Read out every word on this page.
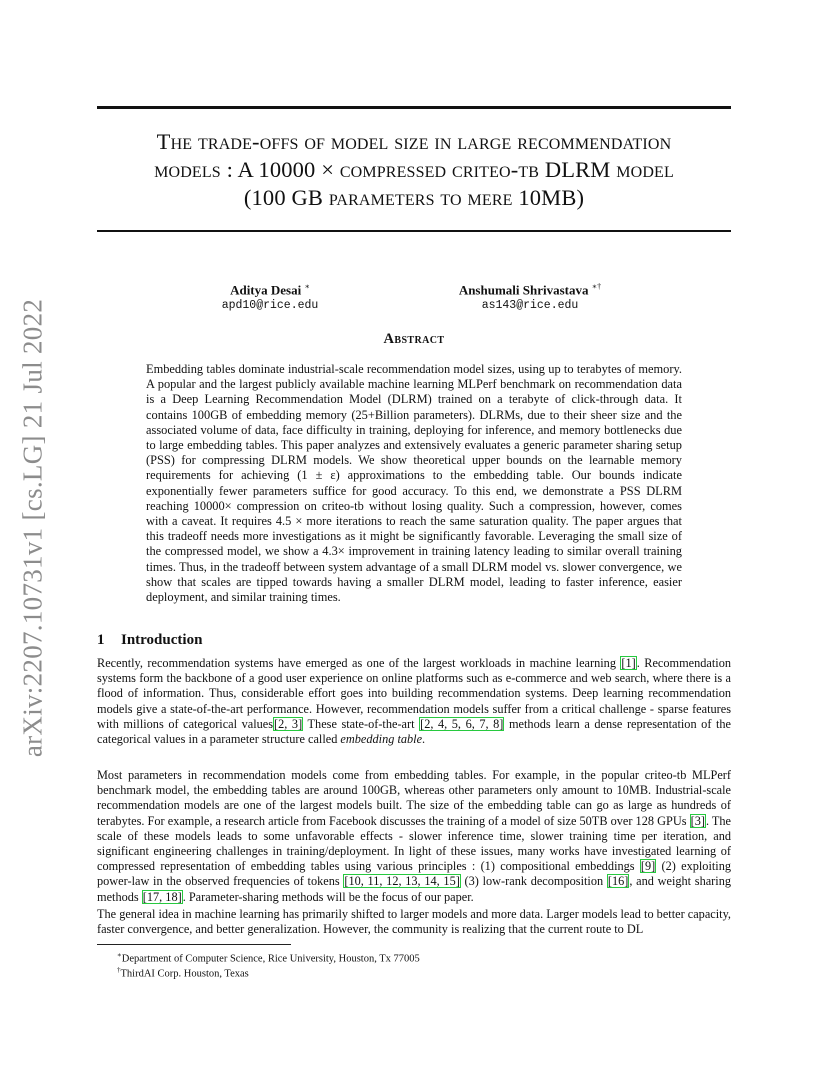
arXiv:2207.10731v1 [cs.LG] 21 Jul 2022
The trade-offs of model size in large recommendation
models : A 10000 × compressed criteo-tb DLRM model
(100 GB parameters to mere 10MB)
Aditya Desai ∗
apd10@rice.edu
Anshumali Shrivastava ∗†
as143@rice.edu
Abstract
Embedding tables dominate industrial-scale recommendation model sizes, using up to terabytes of memory. A popular and the largest publicly available machine learning MLPerf benchmark on recommendation data is a Deep Learning Recommendation Model (DLRM) trained on a terabyte of click-through data. It contains 100GB of embedding memory (25+Billion parameters). DLRMs, due to their sheer size and the associated volume of data, face difficulty in training, deploying for inference, and memory bottlenecks due to large embedding tables. This paper analyzes and extensively evaluates a generic parameter sharing setup (PSS) for compressing DLRM models. We show theoretical upper bounds on the learnable memory requirements for achieving (1 ± ε) approximations to the embedding table. Our bounds indicate exponentially fewer parameters suffice for good accuracy. To this end, we demonstrate a PSS DLRM reaching 10000× compression on criteo-tb without losing quality. Such a compression, however, comes with a caveat. It requires 4.5 × more iterations to reach the same saturation quality. The paper argues that this tradeoff needs more investigations as it might be significantly favorable. Leveraging the small size of the compressed model, we show a 4.3× improvement in training latency leading to similar overall training times. Thus, in the tradeoff between system advantage of a small DLRM model vs. slower convergence, we show that scales are tipped towards having a smaller DLRM model, leading to faster inference, easier deployment, and similar training times.
1 Introduction
Recently, recommendation systems have emerged as one of the largest workloads in machine learning [1]. Recommendation systems form the backbone of a good user experience on online platforms such as e-commerce and web search, where there is a flood of information. Thus, considerable effort goes into building recommendation systems. Deep learning recommendation models give a state-of-the-art performance. However, recommendation models suffer from a critical challenge - sparse features with millions of categorical values[2, 3] These state-of-the-art [2, 4, 5, 6, 7, 8] methods learn a dense representation of the categorical values in a parameter structure called embedding table.
Most parameters in recommendation models come from embedding tables. For example, in the popular criteo-tb MLPerf benchmark model, the embedding tables are around 100GB, whereas other parameters only amount to 10MB. Industrial-scale recommendation models are one of the largest models built. The size of the embedding table can go as large as hundreds of terabytes. For example, a research article from Facebook discusses the training of a model of size 50TB over 128 GPUs [3]. The scale of these models leads to some unfavorable effects - slower inference time, slower training time per iteration, and significant engineering challenges in training/deployment. In light of these issues, many works have investigated learning of compressed representation of embedding tables using various principles : (1) compositional embeddings [9] (2) exploiting power-law in the observed frequencies of tokens [10, 11, 12, 13, 14, 15] (3) low-rank decomposition [16], and weight sharing methods [17, 18]. Parameter-sharing methods will be the focus of our paper.
The general idea in machine learning has primarily shifted to larger models and more data. Larger models lead to better capacity, faster convergence, and better generalization. However, the community is realizing that the current route to DL
∗Department of Computer Science, Rice University, Houston, Tx 77005
†ThirdAI Corp. Houston, Texas
